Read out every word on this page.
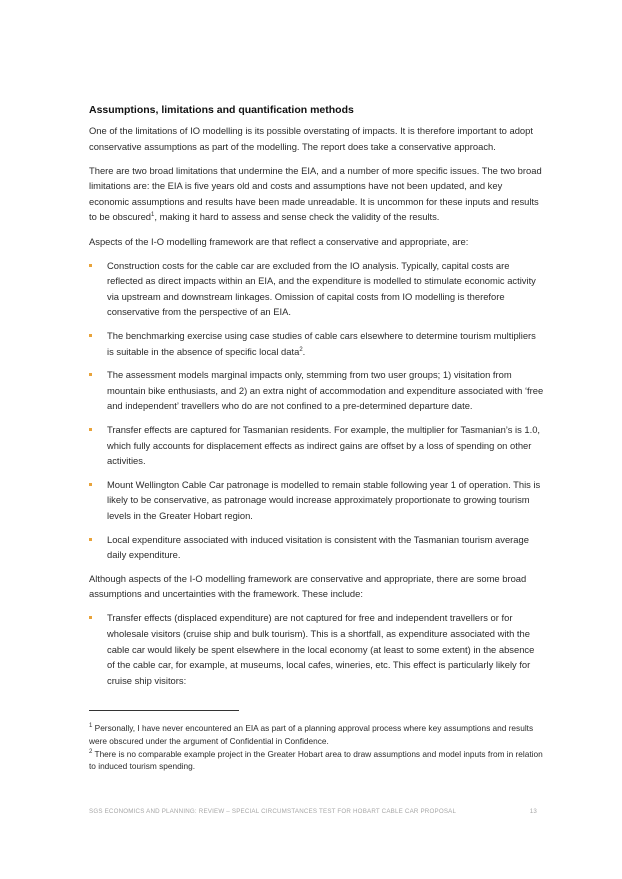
Assumptions, limitations and quantification methods

One of the limitations of IO modelling is its possible overstating of impacts. It is therefore important to adopt conservative assumptions as part of the modelling. The report does take a conservative approach.

There are two broad limitations that undermine the EIA, and a number of more specific issues. The two broad limitations are: the EIA is five years old and costs and assumptions have not been updated, and key economic assumptions and results have been made unreadable. It is uncommon for these inputs and results to be obscured$^1$, making it hard to assess and sense check the validity of the results.

Aspects of the I-O modelling framework are that reflect a conservative and appropriate, are:

Construction costs for the cable car are excluded from the IO analysis. Typically, capital costs are reflected as direct impacts within an EIA, and the expenditure is modelled to stimulate economic activity via upstream and downstream linkages. Omission of capital costs from IO modelling is therefore conservative from the perspective of an EIA.
The benchmarking exercise using case studies of cable cars elsewhere to determine tourism multipliers is suitable in the absence of specific local data$^2$.
The assessment models marginal impacts only, stemming from two user groups; 1) visitation from mountain bike enthusiasts, and 2) an extra night of accommodation and expenditure associated with ‘free and independent’ travellers who do are not confined to a pre-determined departure date.
Transfer effects are captured for Tasmanian residents. For example, the multiplier for Tasmanian’s is 1.0, which fully accounts for displacement effects as indirect gains are offset by a loss of spending on other activities.
Mount Wellington Cable Car patronage is modelled to remain stable following year 1 of operation. This is likely to be conservative, as patronage would increase approximately proportionate to growing tourism levels in the Greater Hobart region.
Local expenditure associated with induced visitation is consistent with the Tasmanian tourism average daily expenditure.

Although aspects of the I-O modelling framework are conservative and appropriate, there are some broad assumptions and uncertainties with the framework. These include:

Transfer effects (displaced expenditure) are not captured for free and independent travellers or for wholesale visitors (cruise ship and bulk tourism). This is a shortfall, as expenditure associated with the cable car would likely be spent elsewhere in the local economy (at least to some extent) in the absence of the cable car, for example, at museums, local cafes, wineries, etc. This effect is particularly likely for cruise ship visitors:

$^1$ Personally, I have never encountered an EIA as part of a planning approval process where key assumptions and results were obscured under the argument of Confidential in Confidence.

$^2$ There is no comparable example project in the Greater Hobart area to draw assumptions and model inputs from in relation to induced tourism spending.

SGS ECONOMICS AND PLANNING: REVIEW – SPECIAL CIRCUMSTANCES TEST FOR HOBART CABLE CAR PROPOSAL	13
